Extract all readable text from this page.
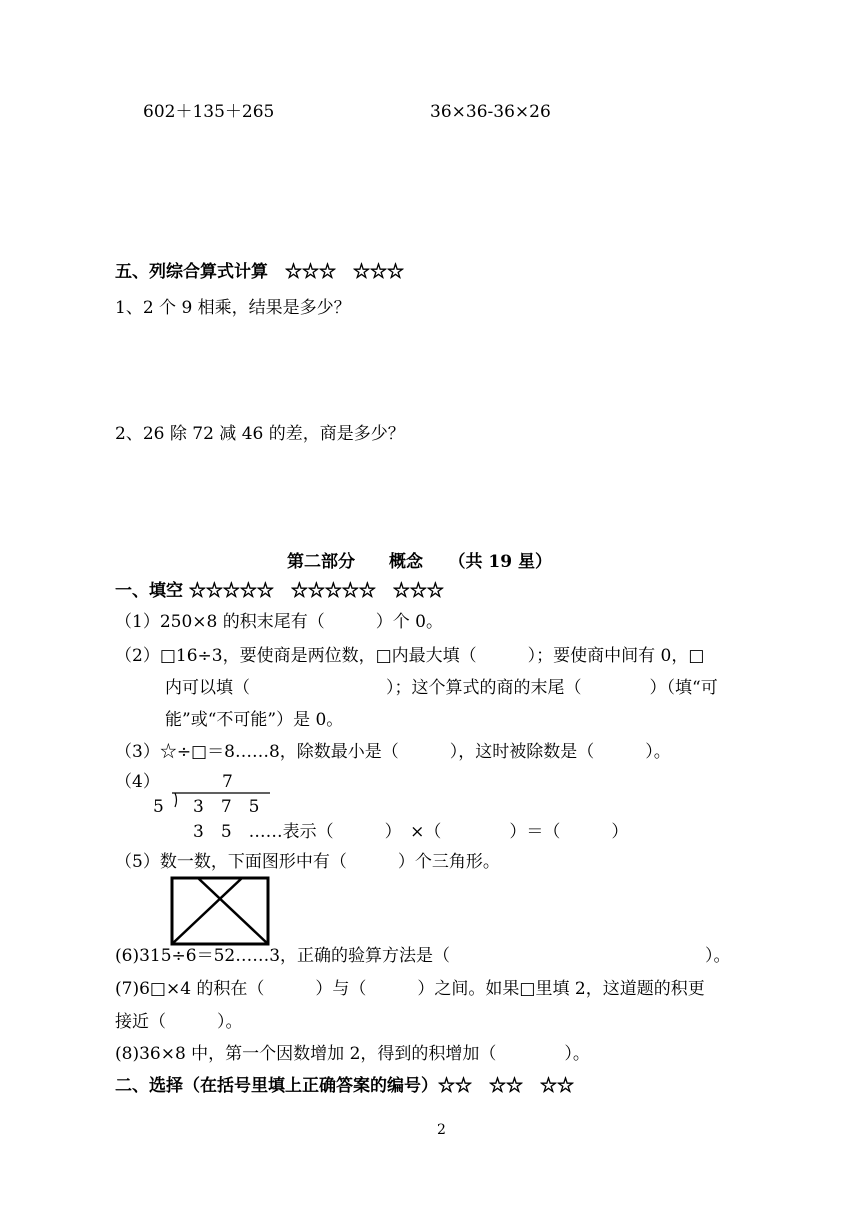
602＋135＋265	36×36-36×26
五、列综合算式计算　☆☆☆　☆☆☆
1、2 个 9 相乘，结果是多少？
2、26 除 72 减 46 的差，商是多少？
第二部分　　概念　　（共 19 星）
一、填空 ☆☆☆☆☆　☆☆☆☆☆　☆☆☆
（1）250×8 的积末尾有（　　　）个 0。
（2）□16÷3，要使商是两位数，□内最大填（　　　）；要使商中间有 0，□
内可以填（　　　　　　　　）；这个算式的商的末尾（　　　　）（填“可
能”或“不可能”）是 0。
（3）☆÷□＝8……8，除数最小是（　　　），这时被除数是（　　　）。
（4）	7
5 3　7　5
3　5　……表示（　　　）　×（　　　　）＝（　　　）
（5）数一数，下面图形中有（　　　）个三角形。
(6)315÷6＝52……3，正确的验算方法是（　　　　　　　　　　　　　　　）。
(7)6□×4 的积在（　　　）与（　　　）之间。如果□里填 2，这道题的积更
接近（　　　）。
(8)36×8 中，第一个因数增加 2，得到的积增加（　　　　）。
二、选择（在括号里填上正确答案的编号）☆☆　☆☆　☆☆
2
